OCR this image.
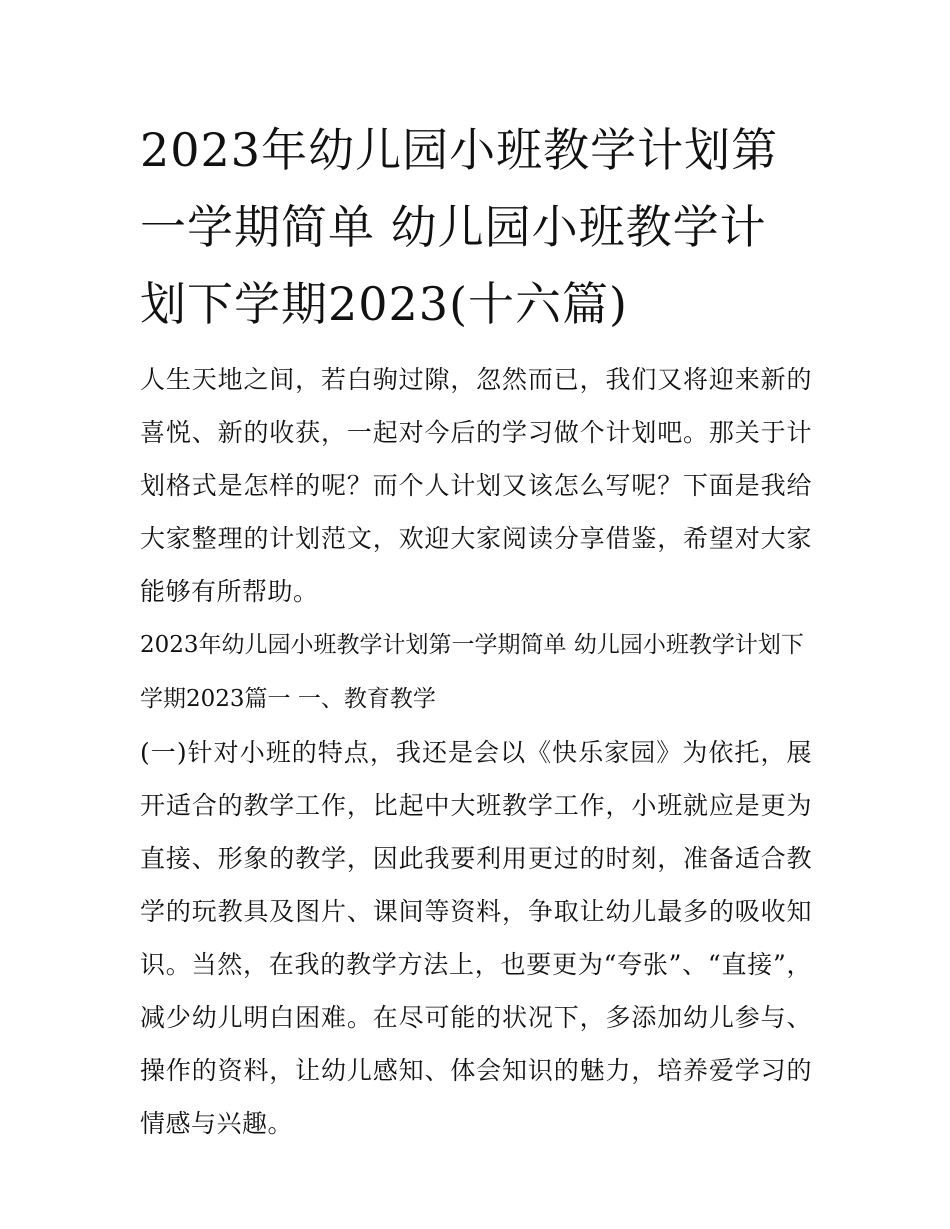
2023年幼儿园小班教学计划第一学期简单 幼儿园小班教学计划下学期2023(十六篇)

人生天地之间，若白驹过隙，忽然而已，我们又将迎来新的喜悦、新的收获，一起对今后的学习做个计划吧。那关于计划格式是怎样的呢？而个人计划又该怎么写呢？下面是我给大家整理的计划范文，欢迎大家阅读分享借鉴，希望对大家能够有所帮助。

2023年幼儿园小班教学计划第一学期简单 幼儿园小班教学计划下学期2023篇一 一、教育教学

(一)针对小班的特点，我还是会以《快乐家园》为依托，展开适合的教学工作，比起中大班教学工作，小班就应是更为直接、形象的教学，因此我要利用更过的时刻，准备适合教学的玩教具及图片、课间等资料，争取让幼儿最多的吸收知识。当然，在我的教学方法上，也要更为“夸张”、“直接”，减少幼儿明白困难。在尽可能的状况下，多添加幼儿参与、操作的资料，让幼儿感知、体会知识的魅力，培养爱学习的情感与兴趣。
